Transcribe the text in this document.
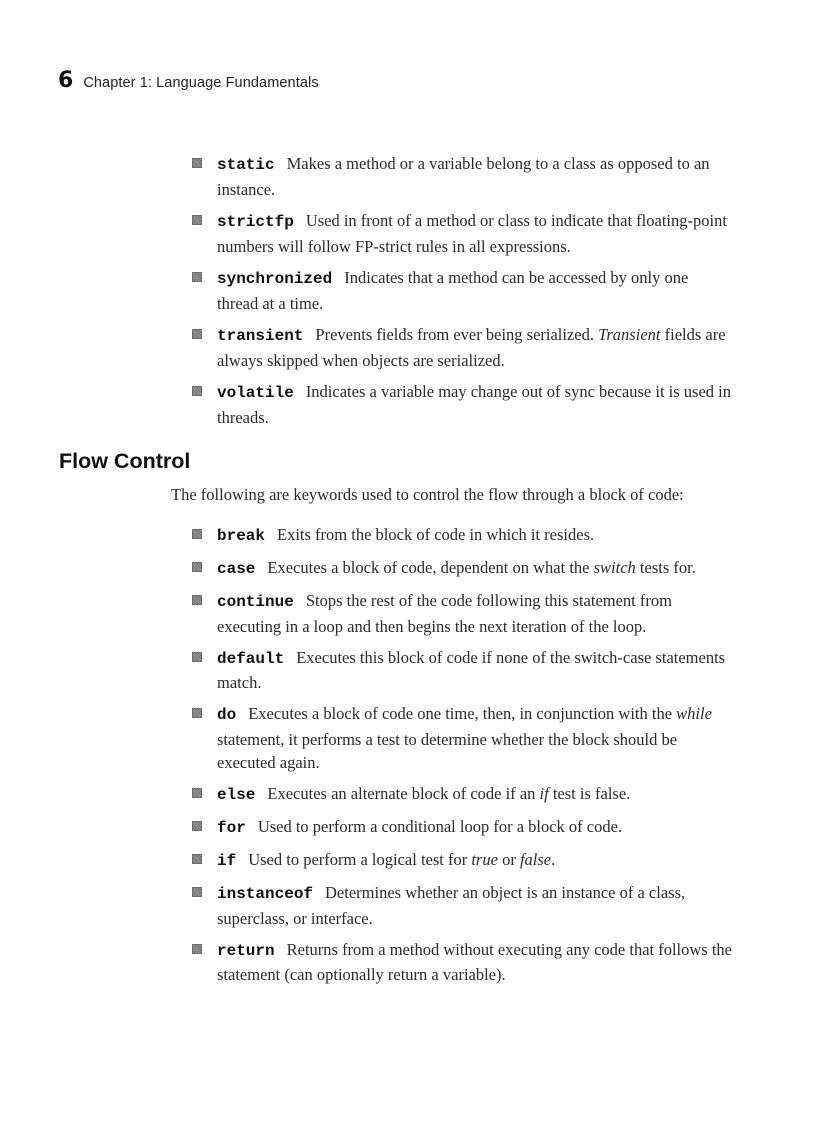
6 Chapter 1: Language Fundamentals
static Makes a method or a variable belong to a class as opposed to an instance.
strictfp Used in front of a method or class to indicate that floating-point numbers will follow FP-strict rules in all expressions.
synchronized Indicates that a method can be accessed by only one thread at a time.
transient Prevents fields from ever being serialized. Transient fields are always skipped when objects are serialized.
volatile Indicates a variable may change out of sync because it is used in threads.
Flow Control

The following are keywords used to control the flow through a block of code:

break Exits from the block of code in which it resides.
case Executes a block of code, dependent on what the switch tests for.
continue Stops the rest of the code following this statement from executing in a loop and then begins the next iteration of the loop.
default Executes this block of code if none of the switch-case statements match.
do Executes a block of code one time, then, in conjunction with the while statement, it performs a test to determine whether the block should be executed again.
else Executes an alternate block of code if an if test is false.
for Used to perform a conditional loop for a block of code.
if Used to perform a logical test for true or false.
instanceof Determines whether an object is an instance of a class, superclass, or interface.
return Returns from a method without executing any code that follows the statement (can optionally return a variable).
